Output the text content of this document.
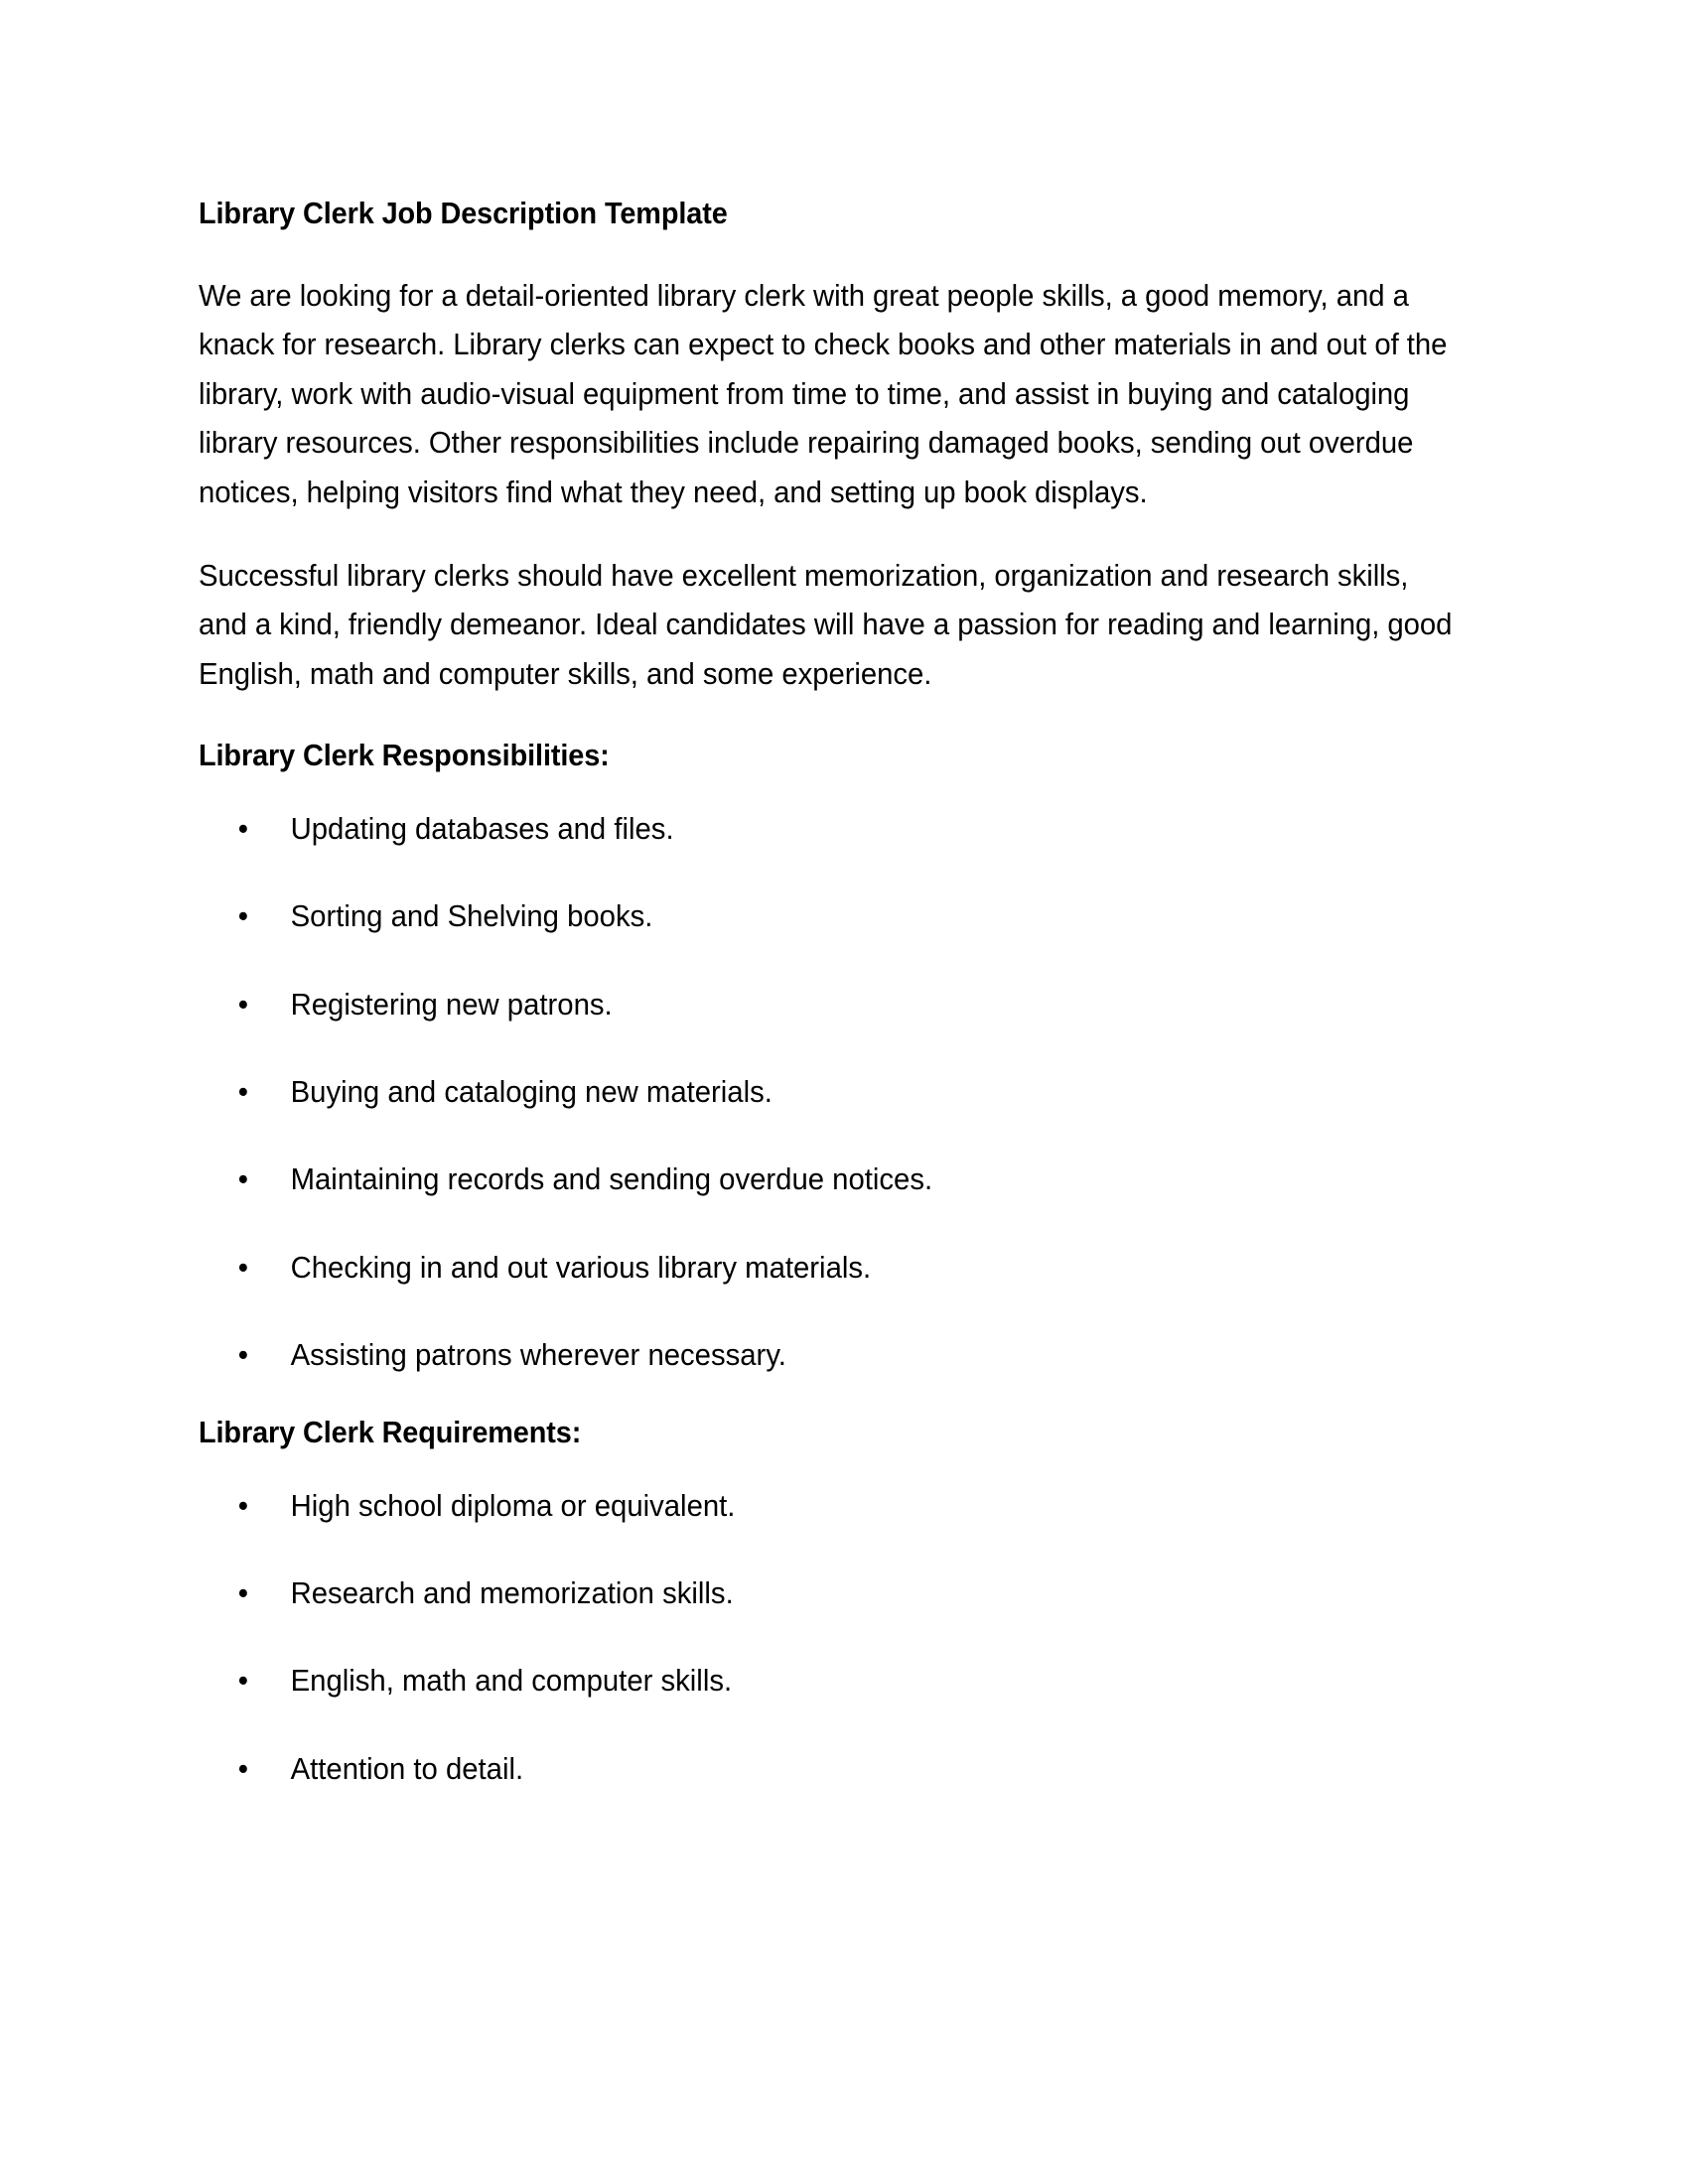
Library Clerk Job Description Template

We are looking for a detail-oriented library clerk with great people skills, a good memory, and a knack for research. Library clerks can expect to check books and other materials in and out of the library, work with audio-visual equipment from time to time, and assist in buying and cataloging library resources. Other responsibilities include repairing damaged books, sending out overdue notices, helping visitors find what they need, and setting up book displays.

Successful library clerks should have excellent memorization, organization and research skills, and a kind, friendly demeanor. Ideal candidates will have a passion for reading and learning, good English, math and computer skills, and some experience.

Library Clerk Responsibilities:
• Updating databases and files.
• Sorting and Shelving books.
• Registering new patrons.
• Buying and cataloging new materials.
• Maintaining records and sending overdue notices.
• Checking in and out various library materials.
• Assisting patrons wherever necessary.
Library Clerk Requirements:
• High school diploma or equivalent.
• Research and memorization skills.
• English, math and computer skills.
• Attention to detail.
